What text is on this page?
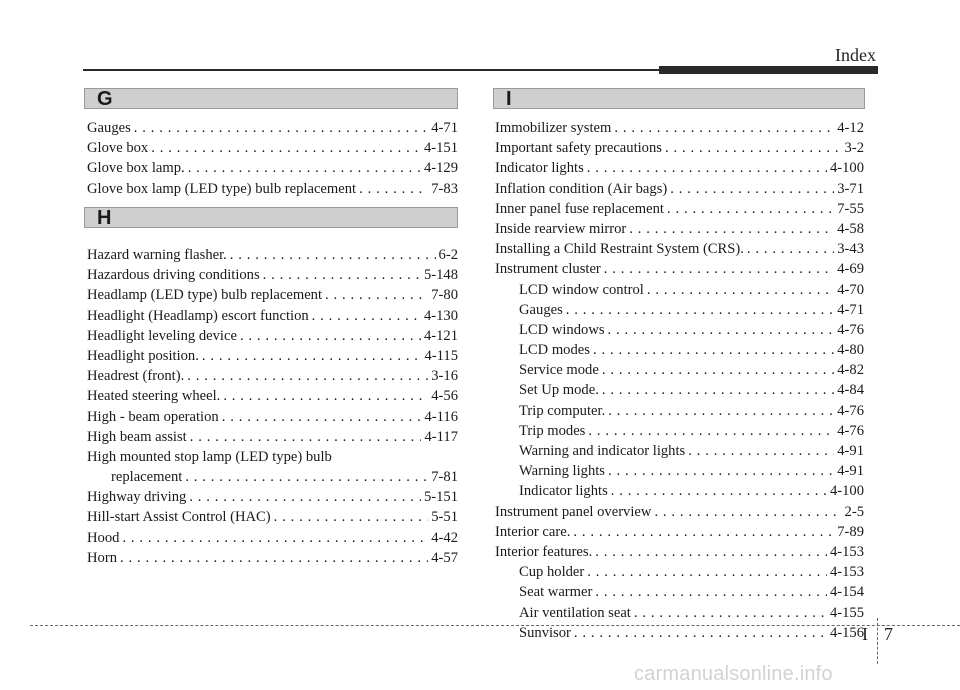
Index
G
Gauges . . .	4-71
Glove box . . .	4-151
Glove box lamp. . . .	4-129
Glove box lamp (LED type) bulb replacement . . .	7-83
H
Hazard warning flasher. . . .	6-2
Hazardous driving conditions . . .	5-148
Headlamp (LED type) bulb replacement . . .	7-80
Headlight (Headlamp) escort function . . .	4-130
Headlight leveling device . . .	4-121
Headlight position. . . .	4-115
Headrest (front). . . .	3-16
Heated steering wheel. . . .	4-56
High - beam operation . . .	4-116
High beam assist . . .	4-117
High mounted stop lamp (LED type) bulb
replacement . . .	7-81
Highway driving . . .	5-151
Hill-start Assist Control (HAC) . . .	5-51
Hood . . .	4-42
Horn . . .	4-57
I
Immobilizer system . . .	4-12
Important safety precautions . . .	3-2
Indicator lights . . .	4-100
Inflation condition (Air bags) . . .	3-71
Inner panel fuse replacement . . .	7-55
Inside rearview mirror . . .	4-58
Installing a Child Restraint System (CRS). . . .	3-43
Instrument cluster . . .	4-69
LCD window control . . .	4-70
Gauges . . .	4-71
LCD windows . . .	4-76
LCD modes . . .	4-80
Service mode . . .	4-82
Set Up mode. . . .	4-84
Trip computer. . . .	4-76
Trip modes . . .	4-76
Warning and indicator lights . . .	4-91
Warning lights . . .	4-91
Indicator lights . . .	4-100
Instrument panel overview . . .	2-5
Interior care. . . .	7-89
Interior features. . . .	4-153
Cup holder . . .	4-153
Seat warmer . . .	4-154
Air ventilation seat . . .	4-155
Sunvisor . . .	4-156
I 7
carmanualsonline.info
